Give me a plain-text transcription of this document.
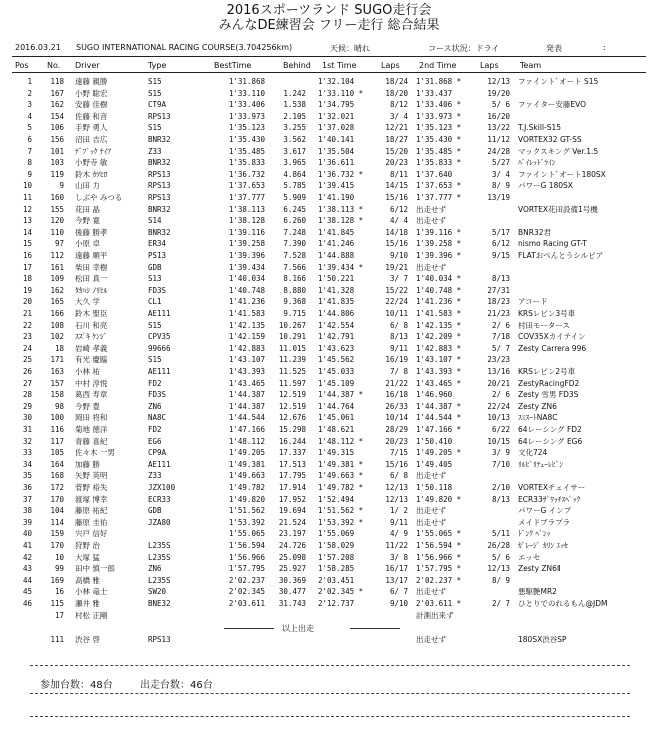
2016スポーツランド SUGO走行会
みんなDE練習会 フリー走行 総合結果
2016.03.21 SUGO INTERNATIONAL RACING COURSE(3.704256km)	天候：晴れ	コース状況：ドライ	発表	:
Pos No. Driver	Type	BestTime	Behind 1st Time	Laps 2nd Time	Laps	Team
1	118 遠藤 親勝	S15	1'31.868	1'32.104	18/24 1'31.868 *	12/13 ファイントﾞオート S15
2	167 小野 聡宏	S15	1'33.110	1.242 1'33.110 *	18/20 1'33.437	19/20
3	162 安藤 佳樹	CT9A	1'33.406	1.538 1'34.795	8/12 1'33.406 *	5/ 6 ファイター安藤EVO
4	154 佐藤 和音	RPS13	1'33.973	2.105 1'32.021	3/ 4 1'33.973 *	16/20
5	106 手野 勇人	S15	1'35.123	3.255 1'37.028	12/21 1'35.123 *	13/22 T.J.Skill-S15
6	156 沼田 吉広	BNR32	1'35.430	3.562 1'40.141	18/27 1'35.430 *	11/12 VORTEX32 GT-SS
7	101 ﾃﾞﾌﾞｯｸ ﾅｲｱ	Z33	1'35.485	3.617 1'35.504	15/20 1'35.485 *	24/28 マックスキング Ver.1.5
8	103 小野寺 敏	BNR32	1'35.833	3.965 1'36.611	20/23 1'35.833 *	5/27 ﾊﾞｲﾚｯﾄﾞﾗｲﾝ
9	119 鈴木 ｶﾂﾋﾛ	RPS13	1'36.732	4.864 1'36.732 *	8/11 1'37.640	3/ 4 ファイントﾞオート180SX
10	9 山田 力	RPS13	1'37.653	5.785 1'39.415	14/15 1'37.653 *	8/ 9 パワーG 180SX
11	160 しぶや みつる	RPS13	1'37.777	5.909 1'41.190	15/16 1'37.777 *	13/19
12	155 花田 晶	BNR32	1'38.113	6.245 1'38.113 *	6/12 出走せず	VORTEX花田設備1号機
13	120 今野 寛	S14	1'38.128	6.260 1'38.128 *	4/ 4 出走せず
14	110 後藤 勝孝	BNR32	1'39.116	7.248 1'41.845	14/18 1'39.116 *	5/17 BNR32君
15	97 小原 卓	ER34	1'39.258	7.390 1'41.246	15/16 1'39.258 *	6/12 nismo Racing GT-T
16	112 遠藤 順平	PS13	1'39.396	7.528 1'44.888	9/10 1'39.396 *	9/15 FLATおぺんとうシルビア
17	161 柴田 幸樹	GDB	1'39.434	7.566 1'39.434 *	19/21 出走せず
18	109 松田 真一	S13	1'40.034	8.166 1'50.221	3/ 7 1'40.034 *	8/13
19	162 ﾀｶﾊｼ ﾉﾘﾋﾙ	FD3S	1'40.748	8.880 1'41.328	15/22 1'40.748 *	27/31
20	165 大久 学	CL1	1'41.236	9.368 1'41.835	22/24 1'41.236 *	18/23 アコード
21	166 鈴木 聖臣	AE111	1'41.583	9.715 1'44.806	10/11 1'41.583 *	21/23 KRSレビン3号車
22	108 石川 和亮	S15	1'42.135	10.267 1'42.554	6/ 8 1'42.135 *	2/ 6 村田モータース
23	102 ｽｽﾞｷ ｹﾝｼﾞ	CPV35	1'42.159	10.291 1'42.791	8/13 1'42.209 *	7/18 COV35Xカイテイン
24	18 岩崎 孝義	99666	1'42.883	11.015 1'43.623	9/11 1'42.883 *	5/ 7 Zesty Carrera 996
25	171 有光 慶臨	S15	1'43.107	11.239 1'45.562	16/19 1'43.107 *	23/23
26	163 小林 祐	AE111	1'43.393	11.525 1'45.033	7/ 8 1'43.393 *	13/16 KRSレビン2号車
27	157 中村 淳悦	FD2	1'43.465	11.597 1'45.109	21/22 1'43.465 *	20/21 ZestyRacingFD2
28	158 葛西 寿章	FD3S	1'44.387	12.519 1'44.387 *	16/18 1'46.960	2/ 6 Zesty 雪男 FD3S
29	98 今野 豊	ZN6	1'44.387	12.519 1'44.764	26/33 1'44.387 *	22/24 Zesty ZN6
30	100 岡田 将和	NA8C	1'44.544	12.676 1'45.061	10/14 1'44.544 *	10/13 ｽﾐｽｰﾄNA8C
31	116 菊地 徳洋	FD2	1'47.166	15.298 1'48.621	28/29 1'47.166 *	6/22 64レーシング FD2
32	117 青藤 喜紀	EG6	1'48.112	16.244 1'48.112 *	20/23 1'50.410	10/15 64レーシング EG6
33	105 佐々木 一男	CP9A	1'49.205	17.337 1'49.315	7/15 1'49.205 *	3/ 9 文化724
34	164 加藤 勝	AE111	1'49.381	17.513 1'49.381 *	15/16 1'49.405	7/10 ﾘﾙﾋﾞﾘﾃｭｰﾚﾋﾞﾝ
35	168 矢野 英明	Z33	1'49.663	17.795 1'49.663 *	6/ 8 出走せず
36	172 菅野 裕失	JZX100	1'49.782	17.914 1'49.782 *	12/13 1'50.118	2/10 VORTEXチェイサー
37	170 渡塚 博幸	ECR33	1'49.820	17.952 1'52.494	12/13 1'49.820 *	8/13 ECR33ｻﾞﾜｯﾁｽﾍﾟｯｸ
38	104 藤原 祐紀	GDB	1'51.562	19.694 1'51.562 *	1/ 2 出走せず	パワーG インプ
39	114 藤原 圭佑	JZA80	1'53.392	21.524 1'53.392 *	9/11 出走せず	メイドブラプラ
40	159 宍戸 信好	1'55.065	23.197 1'55.069	4/ 9 1'55.065 *	5/11 ﾄﾞﾝｸ ﾍﾞﾝｯ
41	170 狩野 治	L235S	1'56.594	24.726 1'58.029	11/22 1'56.594 *	26/28 ｶﾞﾚｰｼﾞ ｶﾘﾝ ｴｯｾ
42	10 大塚 猛	L235S	1'56.966	25.098 1'57.208	3/ 8 1'56.966 *	5/ 6 エッセ
43	99 田中 慎一郎	ZN6	1'57.795	25.927 1'58.285	16/17 1'57.795 *	12/13 Zesty ZN6Ⅱ
44	169 高橋 雅	L235S	2'02.237	30.369 2'03.451	13/17 2'02.237 *	8/ 9
45	16 小林 竜士	SW20	2'02.345	30.477 2'02.345 *	6/ 7 出走せず	悪駆艶MR2
46	115 瀬井 雅	BNE32	2'03.611	31.743 2'12.737	9/10 2'03.611 *	2/ 7 ひとりでのれるもん@JDM
17 村松 正剛	計測出来ず
以上出走
111 渋谷 啓	RPS13	出走せず	180SX渋谷SP
参加台数：48台	出走台数：46台
